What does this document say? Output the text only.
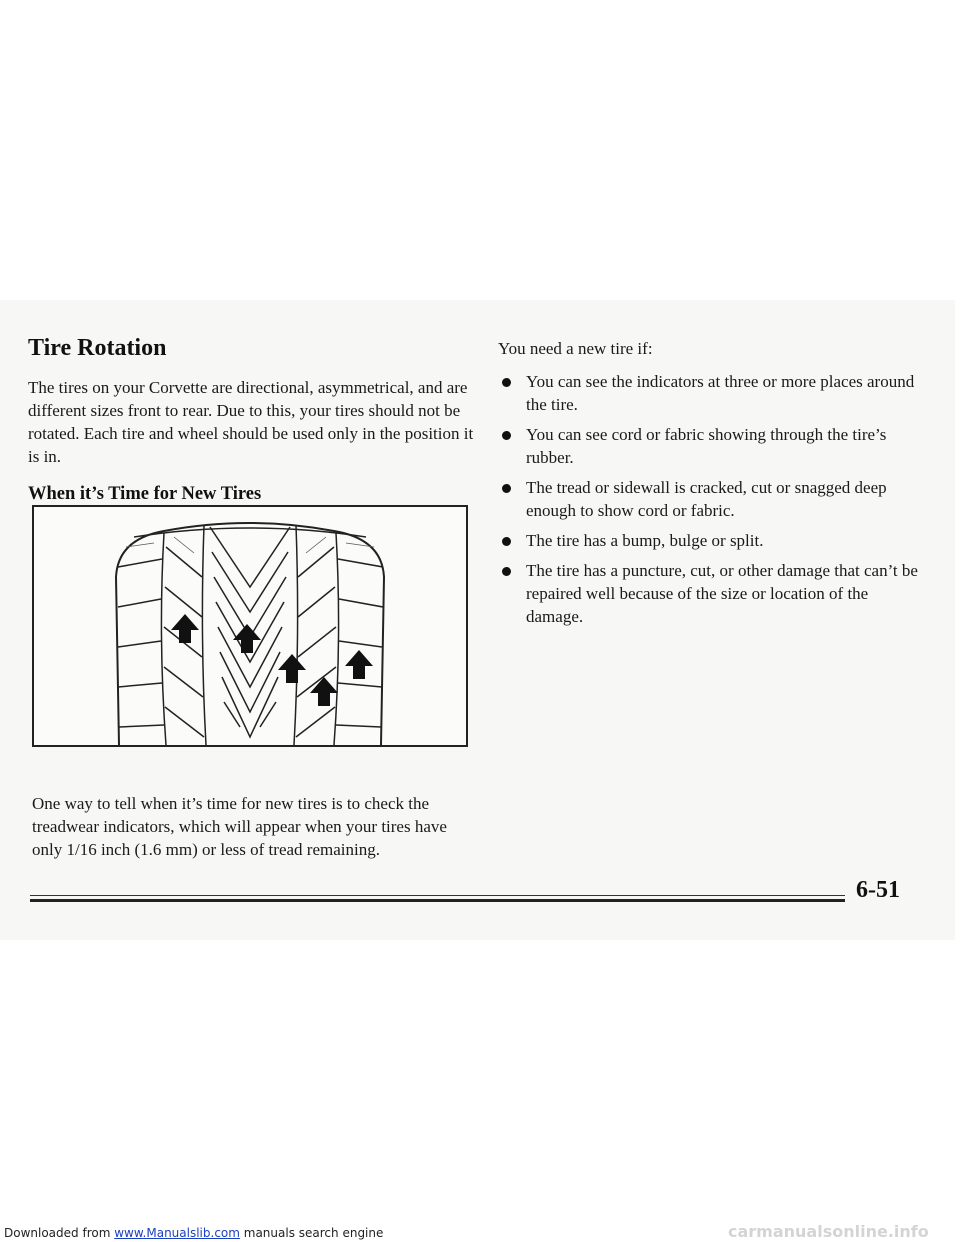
Tire Rotation

The tires on your Corvette are directional, asymmetrical, and are different sizes front to rear. Due to this, your tires should not be rotated. Each tire and wheel should be used only in the position it is in.

When it’s Time for New Tires

One way to tell when it’s time for new tires is to check the treadwear indicators, which will appear when your tires have only 1/16 inch (1.6 mm) or less of tread remaining.

You need a new tire if:

You can see the indicators at three or more places around the tire.
You can see cord or fabric showing through the tire’s rubber.
The tread or sidewall is cracked, cut or snagged deep enough to show cord or fabric.
The tire has a bump, bulge or split.
The tire has a puncture, cut, or other damage that can’t be repaired well because of the size or location of the damage.
6-51
Downloaded from www.Manualslib.com manuals search engine	carmanualsonline.info
